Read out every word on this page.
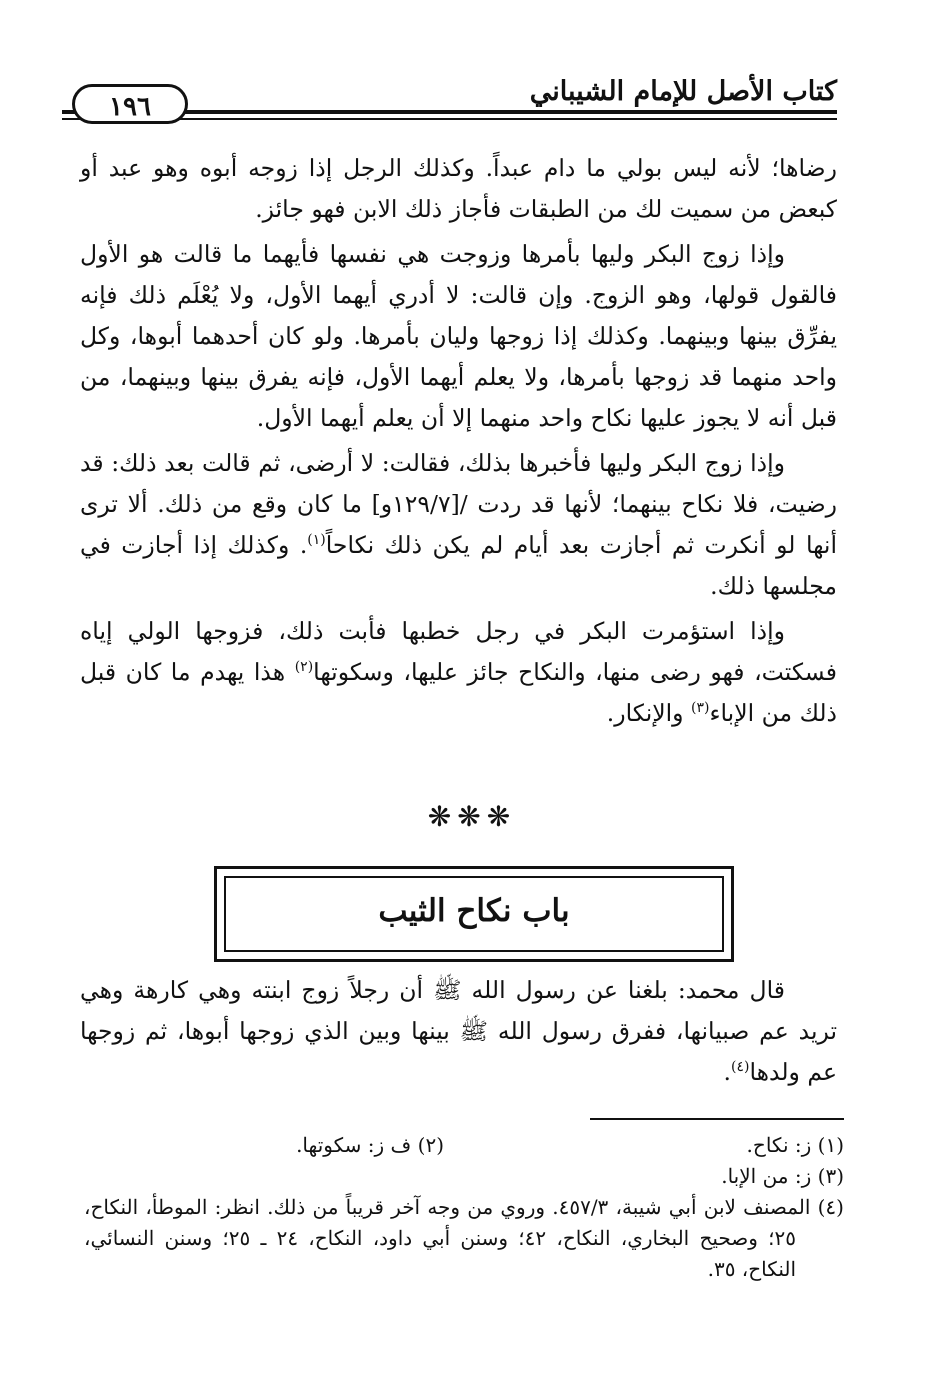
كتاب الأصل للإمام الشيباني
١٩٦

رضاها؛ لأنه ليس بولي ما دام عبداً. وكذلك الرجل إذا زوجه أبوه وهو عبد أو كبعض من سميت لك من الطبقات فأجاز ذلك الابن فهو جائز.

وإذا زوج البكر وليها بأمرها وزوجت هي نفسها فأيهما ما قالت هو الأول فالقول قولها، وهو الزوج. وإن قالت: لا أدري أيهما الأول، ولا يُعْلَم ذلك فإنه يفرِّق بينها وبينهما. وكذلك إذا زوجها وليان بأمرها. ولو كان أحدهما أبوها، وكل واحد منهما قد زوجها بأمرها، ولا يعلم أيهما الأول، فإنه يفرق بينها وبينهما، من قبل أنه لا يجوز عليها نكاح واحد منهما إلا أن يعلم أيهما الأول.

وإذا زوج البكر وليها فأخبرها بذلك، فقالت: لا أرضى، ثم قالت بعد ذلك: قد رضيت، فلا نكاح بينهما؛ لأنها قد ردت /[١٢٩/٧و] ما كان وقع من ذلك. ألا ترى أنها لو أنكرت ثم أجازت بعد أيام لم يكن ذلك نكاحاً$^{(١)}$. وكذلك إذا أجازت في مجلسها ذلك.

وإذا استؤمرت البكر في رجل خطبها فأبت ذلك، فزوجها الولي إياه فسكتت، فهو رضى منها، والنكاح جائز عليها، وسكوتها$^{(٢)}$ هذا يهدم ما كان قبل ذلك من الإباء$^{(٣)}$ والإنكار.

❋❋❋
باب نكاح الثيب

قال محمد: بلغنا عن رسول الله ﷺ أن رجلاً زوج ابنته وهي كارهة وهي تريد عم صبيانها، ففرق رسول الله ﷺ بينها وبين الذي زوجها أبوها، ثم زوجها عم ولدها$^{(٤)}$.

(١) ز: نكاح.
(٢) ف ز: سكوتها.
(٣) ز: من الإبا.
(٤) المصنف لابن أبي شيبة، ٤٥٧/٣. وروي من وجه آخر قريباً من ذلك. انظر: الموطأ، النكاح، ٢٥؛ وصحيح البخاري، النكاح، ٤٢؛ وسنن أبي داود، النكاح، ٢٤ ـ ٢٥؛ وسنن النسائي، النكاح، ٣٥.
